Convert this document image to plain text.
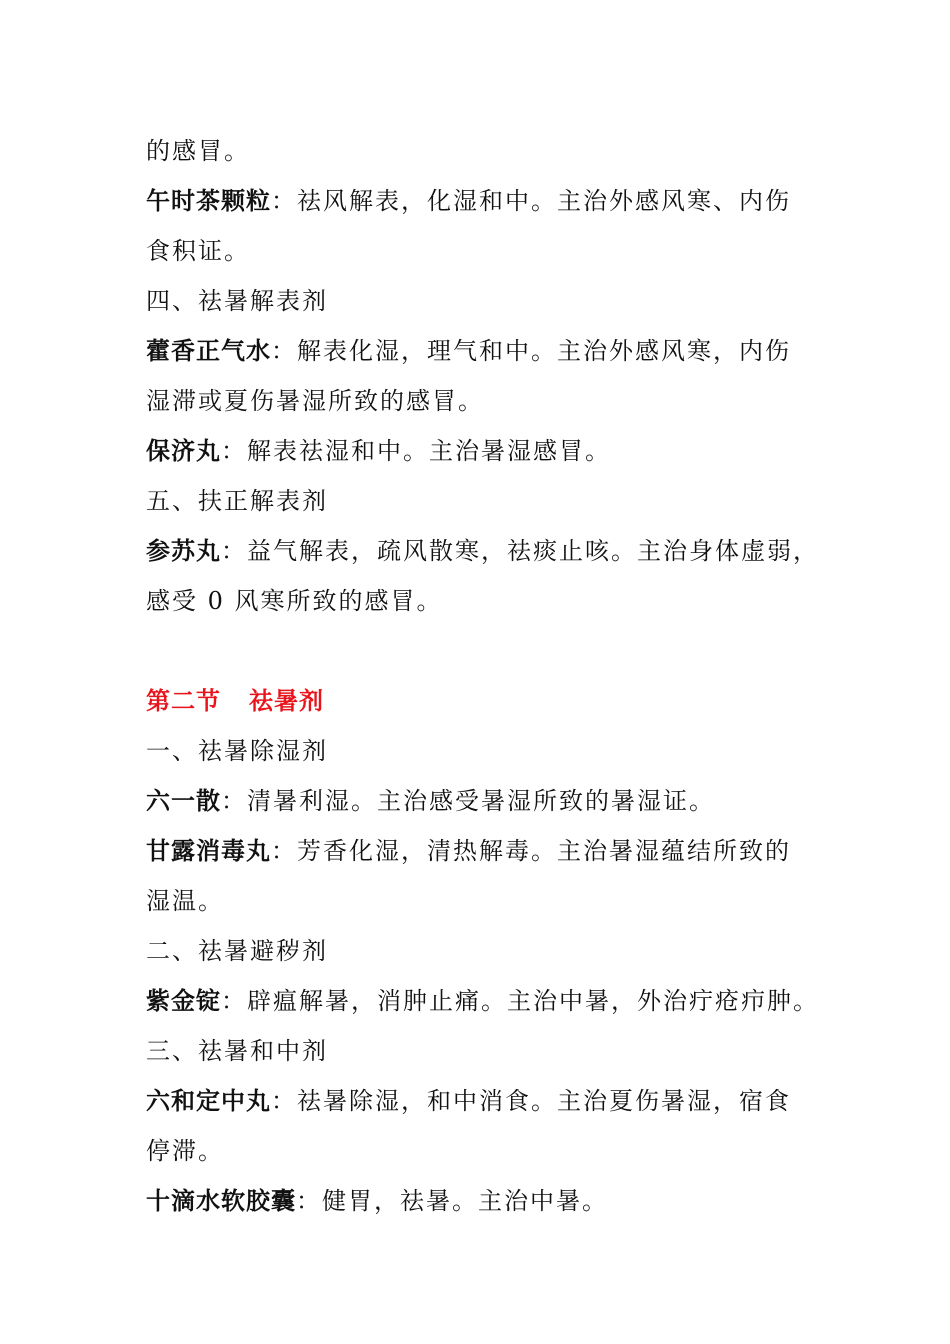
的感冒。
午时茶颗粒：祛风解表，化湿和中。主治外感风寒、内伤
食积证。
四、祛暑解表剂
藿香正气水：解表化湿，理气和中。主治外感风寒，内伤
湿滞或夏伤暑湿所致的感冒。
保济丸：解表祛湿和中。主治暑湿感冒。
五、扶正解表剂
参苏丸：益气解表，疏风散寒，祛痰止咳。主治身体虚弱，
感受 0 风寒所致的感冒。
第二节 祛暑剂
一、祛暑除湿剂
六一散：清暑利湿。主治感受暑湿所致的暑湿证。
甘露消毒丸：芳香化湿，清热解毒。主治暑湿蕴结所致的
湿温。
二、祛暑避秽剂
紫金锭：辟瘟解暑，消肿止痛。主治中暑，外治疔疮疖肿。
三、祛暑和中剂
六和定中丸：祛暑除湿，和中消食。主治夏伤暑湿，宿食
停滞。
十滴水软胶囊：健胃，祛暑。主治中暑。
